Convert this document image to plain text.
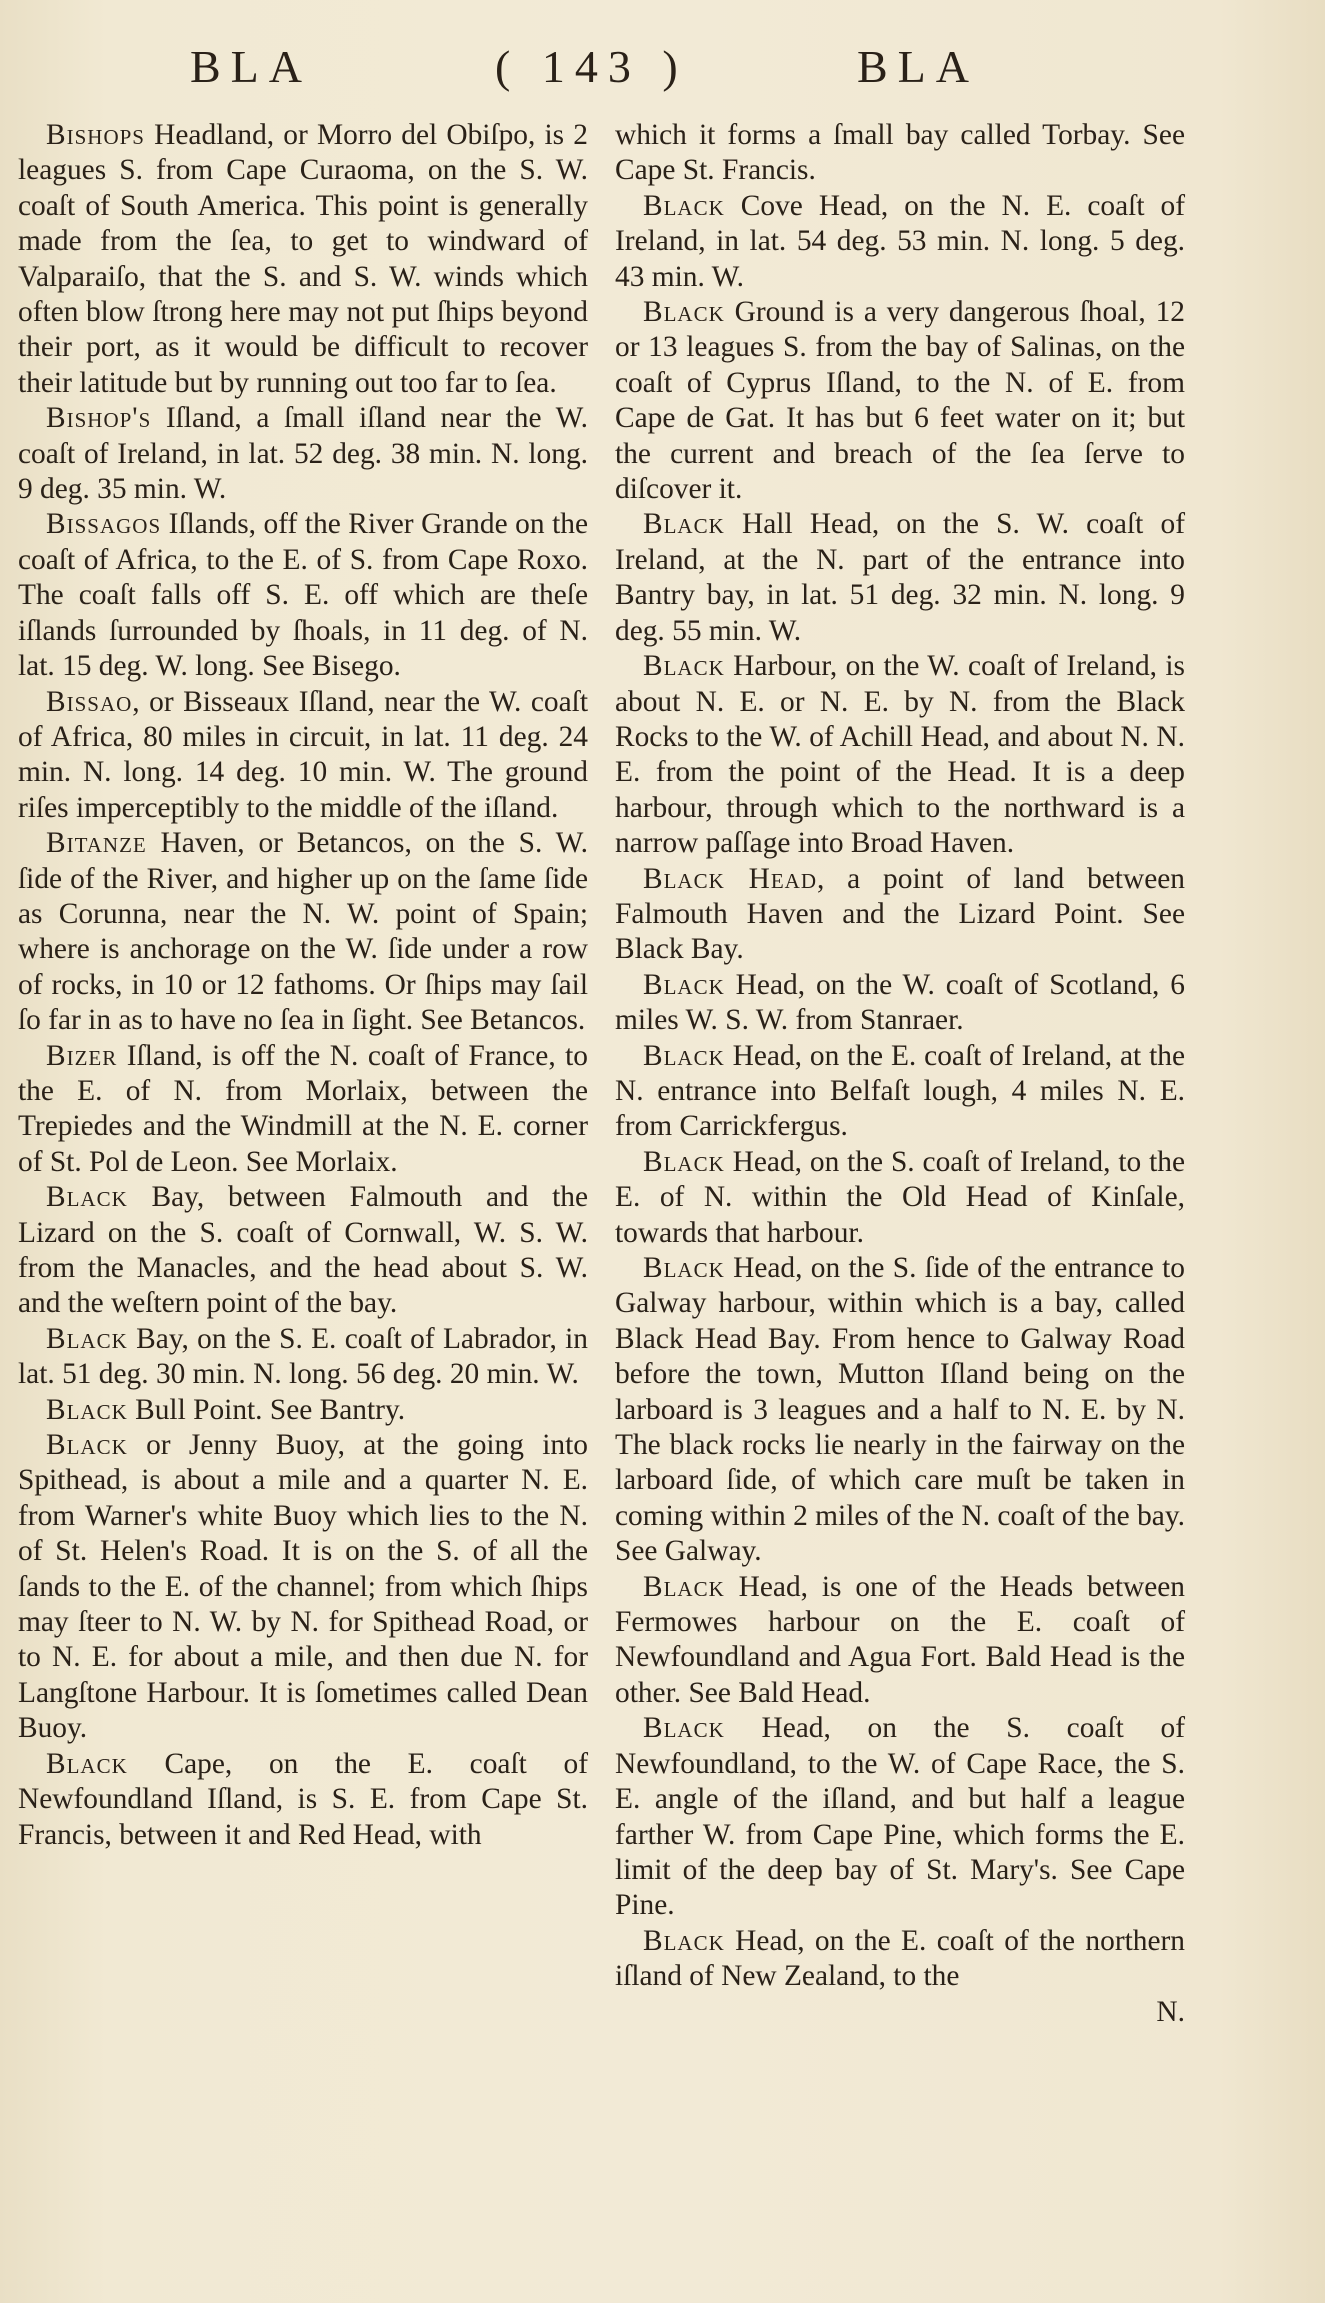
BLA	( 143 )	BLA

Bishops Headland, or Morro del Obiſpo, is 2 leagues S. from Cape Curaoma, on the S. W. coaſt of South America. This point is generally made from the ſea, to get to windward of Valparaiſo, that the S. and S. W. winds which often blow ſtrong here may not put ſhips beyond their port, as it would be difficult to recover their latitude but by running out too far to ſea.

Bishop's Iſland, a ſmall iſland near the W. coaſt of Ireland, in lat. 52 deg. 38 min. N. long. 9 deg. 35 min. W.

Bissagos Iſlands, off the River Grande on the coaſt of Africa, to the E. of S. from Cape Roxo. The coaſt falls off S. E. off which are theſe iſlands ſurrounded by ſhoals, in 11 deg. of N. lat. 15 deg. W. long. See Bisego.

Bissao, or Bisseaux Iſland, near the W. coaſt of Africa, 80 miles in circuit, in lat. 11 deg. 24 min. N. long. 14 deg. 10 min. W. The ground riſes imperceptibly to the middle of the iſland.

Bitanze Haven, or Betancos, on the S. W. ſide of the River, and higher up on the ſame ſide as Corunna, near the N. W. point of Spain; where is anchorage on the W. ſide under a row of rocks, in 10 or 12 fathoms. Or ſhips may ſail ſo far in as to have no ſea in ſight. See Betancos.

Bizer Iſland, is off the N. coaſt of France, to the E. of N. from Morlaix, between the Trepiedes and the Windmill at the N. E. corner of St. Pol de Leon. See Morlaix.

Black Bay, between Falmouth and the Lizard on the S. coaſt of Cornwall, W. S. W. from the Manacles, and the head about S. W. and the weſtern point of the bay.

Black Bay, on the S. E. coaſt of Labrador, in lat. 51 deg. 30 min. N. long. 56 deg. 20 min. W.

Black Bull Point. See Bantry.

Black or Jenny Buoy, at the going into Spithead, is about a mile and a quarter N. E. from Warner's white Buoy which lies to the N. of St. Helen's Road. It is on the S. of all the ſands to the E. of the channel; from which ſhips may ſteer to N. W. by N. for Spithead Road, or to N. E. for about a mile, and then due N. for Langſtone Harbour. It is ſometimes called Dean Buoy.

Black Cape, on the E. coaſt of Newfoundland Iſland, is S. E. from Cape St. Francis, between it and Red Head, with

which it forms a ſmall bay called Torbay. See Cape St. Francis.

Black Cove Head, on the N. E. coaſt of Ireland, in lat. 54 deg. 53 min. N. long. 5 deg. 43 min. W.

Black Ground is a very dangerous ſhoal, 12 or 13 leagues S. from the bay of Salinas, on the coaſt of Cyprus Iſland, to the N. of E. from Cape de Gat. It has but 6 feet water on it; but the current and breach of the ſea ſerve to diſcover it.

Black Hall Head, on the S. W. coaſt of Ireland, at the N. part of the entrance into Bantry bay, in lat. 51 deg. 32 min. N. long. 9 deg. 55 min. W.

Black Harbour, on the W. coaſt of Ireland, is about N. E. or N. E. by N. from the Black Rocks to the W. of Achill Head, and about N. N. E. from the point of the Head. It is a deep harbour, through which to the northward is a narrow paſſage into Broad Haven.

Black Head, a point of land between Falmouth Haven and the Lizard Point. See Black Bay.

Black Head, on the W. coaſt of Scotland, 6 miles W. S. W. from Stanraer.

Black Head, on the E. coaſt of Ireland, at the N. entrance into Belfaſt lough, 4 miles N. E. from Carrickfergus.

Black Head, on the S. coaſt of Ireland, to the E. of N. within the Old Head of Kinſale, towards that harbour.

Black Head, on the S. ſide of the entrance to Galway harbour, within which is a bay, called Black Head Bay. From hence to Galway Road before the town, Mutton Iſland being on the larboard is 3 leagues and a half to N. E. by N. The black rocks lie nearly in the fairway on the larboard ſide, of which care muſt be taken in coming within 2 miles of the N. coaſt of the bay. See Galway.

Black Head, is one of the Heads between Fermowes harbour on the E. coaſt of Newfoundland and Agua Fort. Bald Head is the other. See Bald Head.

Black Head, on the S. coaſt of Newfoundland, to the W. of Cape Race, the S. E. angle of the iſland, and but half a league farther W. from Cape Pine, which forms the E. limit of the deep bay of St. Mary's. See Cape Pine.

Black Head, on the E. coaſt of the northern iſland of New Zealand, to the

N.
